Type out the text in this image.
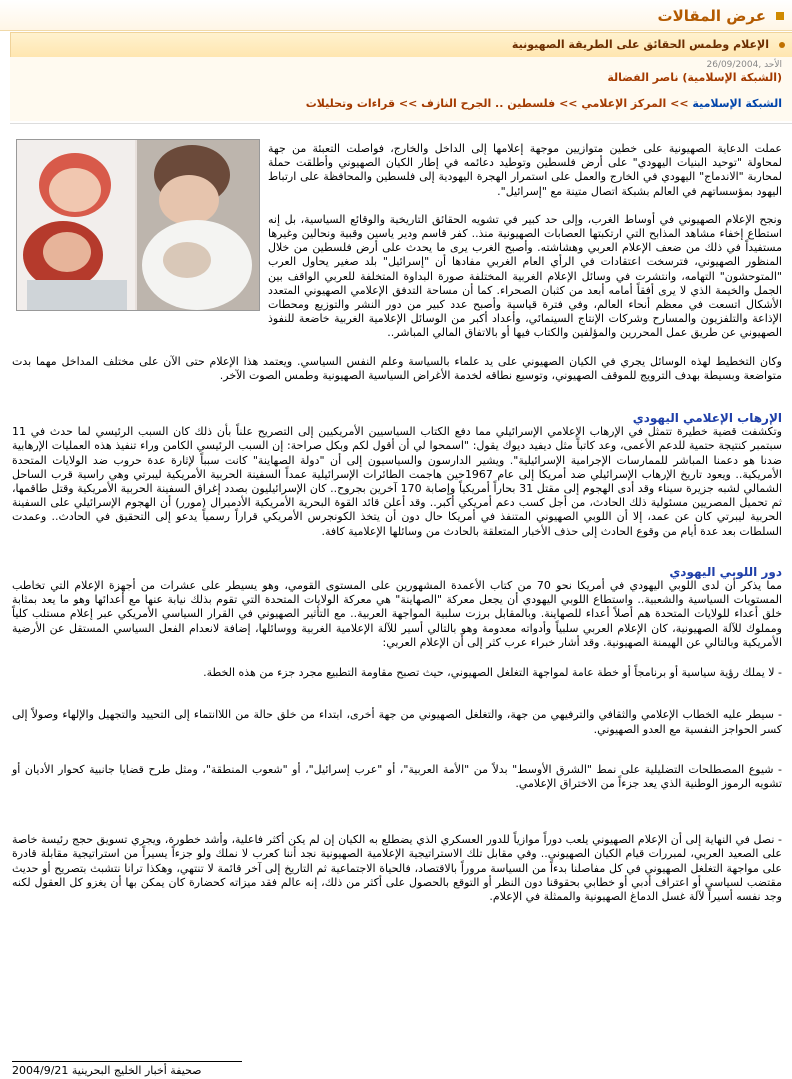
عرض المقالات
الإعلام وطمس الحقائق على الطريقة الصهيونية
الأحد ,26/09/2004
(الشبكة الإسلامية) ناصر الفضالة
الشبكة الإسلامية >> المركز الإعلامي >> فلسطين .. الجرح النازف >> قراءات وتحليلات

عملت الدعاية الصهيونية على خطين متوازيين موجهة إعلامها إلى الداخل والخارج، فواصلت التعبئة من جهة لمحاولة "توحيد البنيات اليهودي" على أرض فلسطين وتوطيد دعائمه في إطار الكيان الصهيوني وأطلقت حملة لمحاربة "الاندماج" اليهودي في الخارج والعمل على استمرار الهجرة اليهودية إلى فلسطين والمحافظة على ارتباط اليهود بمؤسساتهم في العالم بشبكة اتصال متينة مع "إسرائيل".

ونجح الإعلام الصهيوني في أوساط الغرب، وإلى حد كبير في تشويه الحقائق التاريخية والوقائع السياسية، بل إنه استطاع إخفاء مشاهد المذابح التي ارتكبتها العصابات الصهيونية منذ.. كفر قاسم ودير ياسين وقبية ونحالين وغيرها مستفيداً في ذلك من ضعف الإعلام العربي وهشاشته. وأصبح الغرب يرى ما يحدث على أرض فلسطين من خلال المنظور الصهيوني، فترسخت اعتقادات في الرأي العام الغربي مفادها أن "إسرائيل" بلد صغير يحاول العرب "المتوحشون" التهامه، وانتشرت في وسائل الإعلام الغربية المختلفة صورة البداوة المتخلفة للعربي الواقف بين الجمل والخيمة الذي لا يرى أفقاً أمامه أبعد من كثبان الصحراء. كما أن مساحة التدفق الإعلامي الصهيوني المتعدد الأشكال اتسعت في معظم أنحاء العالم، وفي فترة قياسية وأصبح عدد كبير من دور النشر والتوزيع ومحطات الإذاعة والتلفزيون والمسارح وشركات الإنتاج السينمائي، وأعداد أكبر من الوسائل الإعلامية الغربية خاضعة للنفوذ الصهيوني عن طريق عمل المحررين والمؤلفين والكتاب فيها أو بالاتفاق المالي المباشر..

وكان التخطيط لهذه الوسائل يجري في الكيان الصهيوني على يد علماء بالسياسة وعلم النفس السياسي. ويعتمد هذا الإعلام حتى الآن على مختلف المداخل مهما بدت متواضعة وبسيطة بهدف الترويج للموقف الصهيوني، وتوسيع نطاقه لخدمة الأغراض السياسية الصهيونية وطمس الصوت الآخر.

الإرهاب الإعلامي اليهودي

وتكشفت قضية خطيرة تتمثل في الإرهاب الإعلامي الإسرائيلي مما دفع الكتاب السياسيين الأمريكيين إلى التصريح علناً بأن ذلك كان السبب الرئيسي لما حدث في 11 سبتمبر كنتيجة حتمية للدعم الأعمى، وعد كاتباً مثل ديفيد ديوك يقول: "اسمحوا لي أن أقول لكم وبكل صراحة: إن السبب الرئيسي الكامن وراء تنفيذ هذه العمليات الإرهابية ضدنا هو دعمنا المباشر للممارسات الإجرامية الإسرائيلية". ويشير الدارسون والسياسيون إلى أن "دولة الصهاينة" كانت سبباً لإثارة عدة حروب ضد الولايات المتحدة الأمريكية.. ويعود تاريخ الإرهاب الإسرائيلي ضد أمريكا إلى عام 1967حين هاجمت الطائرات الإسرائيلية عمداً السفينة الحربية الأمريكية ليبرتي وهي راسية قرب الساحل الشمالي لشبه جزيرة سيناء وقد أدى الهجوم إلى مقتل 31 بحاراً أمريكياً وإصابة 170 آخرين بجروح.. كان الإسرائيليون بصدد إغراق السفينة الحربية الأمريكية وقتل طاقمها، ثم تحميل المصريين مسئولية ذلك الحادث، من أجل كسب دعم أمريكي أكبر.. وقد أعلن قائد القوة البحرية الأمريكية الأدميرال (مورر) أن الهجوم الإسرائيلي على السفينة الحربية ليبرتي كان عن عمد، إلا أن اللوبي الصهيوني المتنفذ في أمريكا حال دون أن يتخذ الكونجرس الأمريكي قراراً رسمياً يدعو إلى التحقيق في الحادث.. وعمدت السلطات بعد عدة أيام من وقوع الحادث إلى حذف الأخبار المتعلقة بالحادث من وسائلها الإعلامية كافة.

دور اللوبي اليهودي

مما يذكر أن لدى اللوبي اليهودي في أمريكا نحو 70 من كتاب الأعمدة المشهورين على المستوى القومي، وهو يسيطر على عشرات من أجهزة الإعلام التي تخاطب المستويات السياسية والشعبية.. واستطاع اللوبي اليهودي أن يجعل معركة "الصهاينة" هي معركة الولايات المتحدة التي تقوم بذلك نيابة عنها مع أعدائها وهو ما يعد بمثابة خلق أعداء للولايات المتحدة هم أصلاً أعداء للصهاينة. وبالمقابل برزت سلبية المواجهة العربية.. مع التأثير الصهيوني في القرار السياسي الأمريكي عبر إعلام مستلب كلياً ومملوك للآلة الصهيونية، كان الإعلام العربي سلبياً وأدواته معدومة وهو بالتالي أسير للآلة الإعلامية الغربية ووسائلها، إضافة لانعدام الفعل السياسي المستقل عن الأرضية الأمريكية وبالتالي عن الهيمنة الصهيونية. وقد أشار خبراء عرب كثر إلى أن الإعلام العربي:

- لا يملك رؤية سياسية أو برنامجاً أو خطة عامة لمواجهة التغلغل الصهيوني، حيث تصبح مقاومة التطبيع مجرد جزء من هذه الخطة.

- سيطر عليه الخطاب الإعلامي والثقافي والترفيهي من جهة، والتغلغل الصهيوني من جهة أخرى، ابتداء من خلق حالة من اللاانتماء إلى التحييد والتجهيل والإلهاء وصولاً إلى كسر الحواجز النفسية مع العدو الصهيوني.

- شيوع المصطلحات التضليلية على نمط "الشرق الأوسط" بدلاً من "الأمة العربية"، أو "عرب إسرائيل"، أو "شعوب المنطقة"، ومثل طرح قضايا جانبية كحوار الأديان أو تشويه الرموز الوطنية الذي يعد جزءاً من الاختراق الإعلامي.

- نصل في النهاية إلى أن الإعلام الصهيوني يلعب دوراً موازياً للدور العسكري الذي يضطلع به الكيان إن لم يكن أكثر فاعلية، وأشد خطورة، ويجري تسويق حجج رئيسة خاصة على الصعيد العربي، لمبررات قيام الكيان الصهيوني.. وفي مقابل تلك الاستراتيجية الإعلامية الصهيونية نجد أننا كعرب لا نملك ولو جزءاً يسيراً من استراتيجية مقابلة قادرة على مواجهة التغلغل الصهيوني في كل مفاصلنا بدءاً من السياسة مروراً بالاقتصاد، فالحياة الاجتماعية ثم التاريخ إلى آخر قائمة لا تنتهي، وهكذا ترانا نتشبث بتصريح أو حديث مقتضب لسياسي أو اعتراف أدبي أو خطابي بحقوقنا دون النظر أو التوقع بالحصول على أكثر من ذلك، إنه عالم فقد ميزاته كحضارة كان يمكن بها أن يغزو كل العقول لكنه وجد نفسه أسيراً لآلة غسل الدماغ الصهيونية والممثلة في الإعلام.

صحيفة أخبار الخليج البحرينية 2004/9/21
